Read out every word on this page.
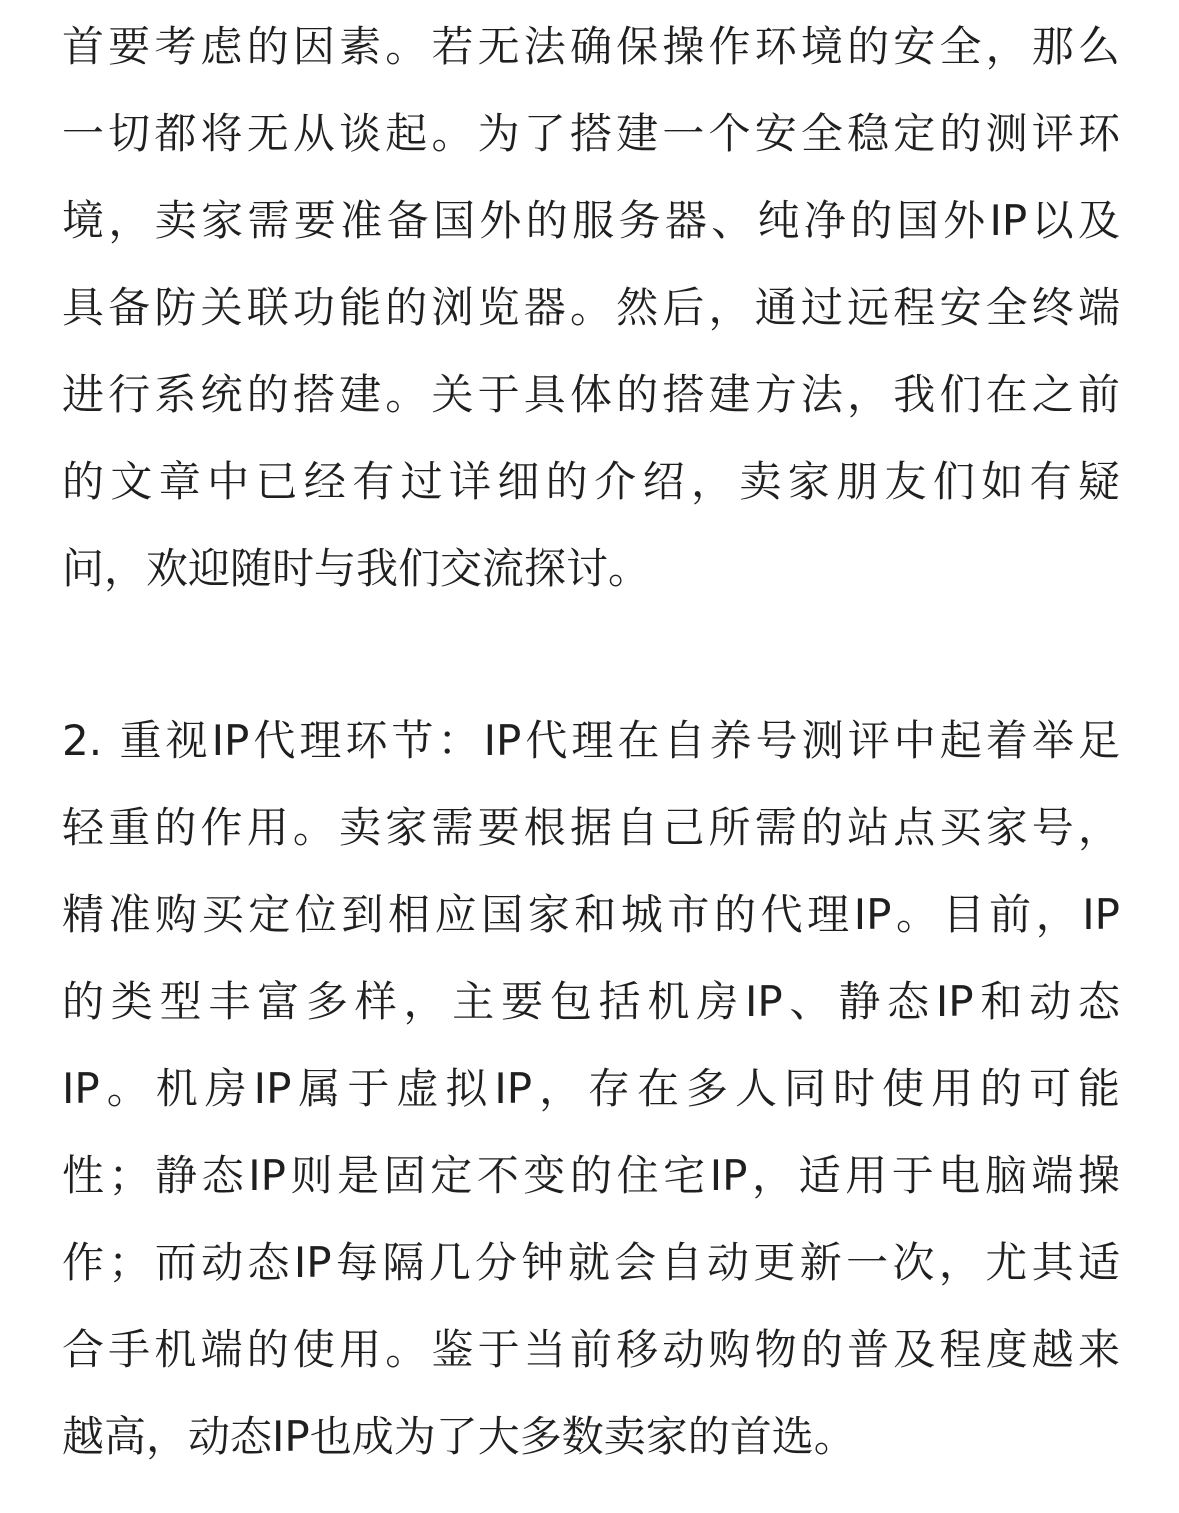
首要考虑的因素。若无法确保操作环境的安全，那么
一切都将无从谈起。为了搭建一个安全稳定的测评环
境，卖家需要准备国外的服务器、纯净的国外IP以及
具备防关联功能的浏览器。然后，通过远程安全终端
进行系统的搭建。关于具体的搭建方法，我们在之前
的文章中已经有过详细的介绍，卖家朋友们如有疑
问，欢迎随时与我们交流探讨。
2. 重视IP代理环节：IP代理在自养号测评中起着举足
轻重的作用。卖家需要根据自己所需的站点买家号，
精准购买定位到相应国家和城市的代理IP。目前，IP
的类型丰富多样，主要包括机房IP、静态IP和动态
IP。机房IP属于虚拟IP，存在多人同时使用的可能
性；静态IP则是固定不变的住宅IP，适用于电脑端操
作；而动态IP每隔几分钟就会自动更新一次，尤其适
合手机端的使用。鉴于当前移动购物的普及程度越来
越高，动态IP也成为了大多数卖家的首选。
